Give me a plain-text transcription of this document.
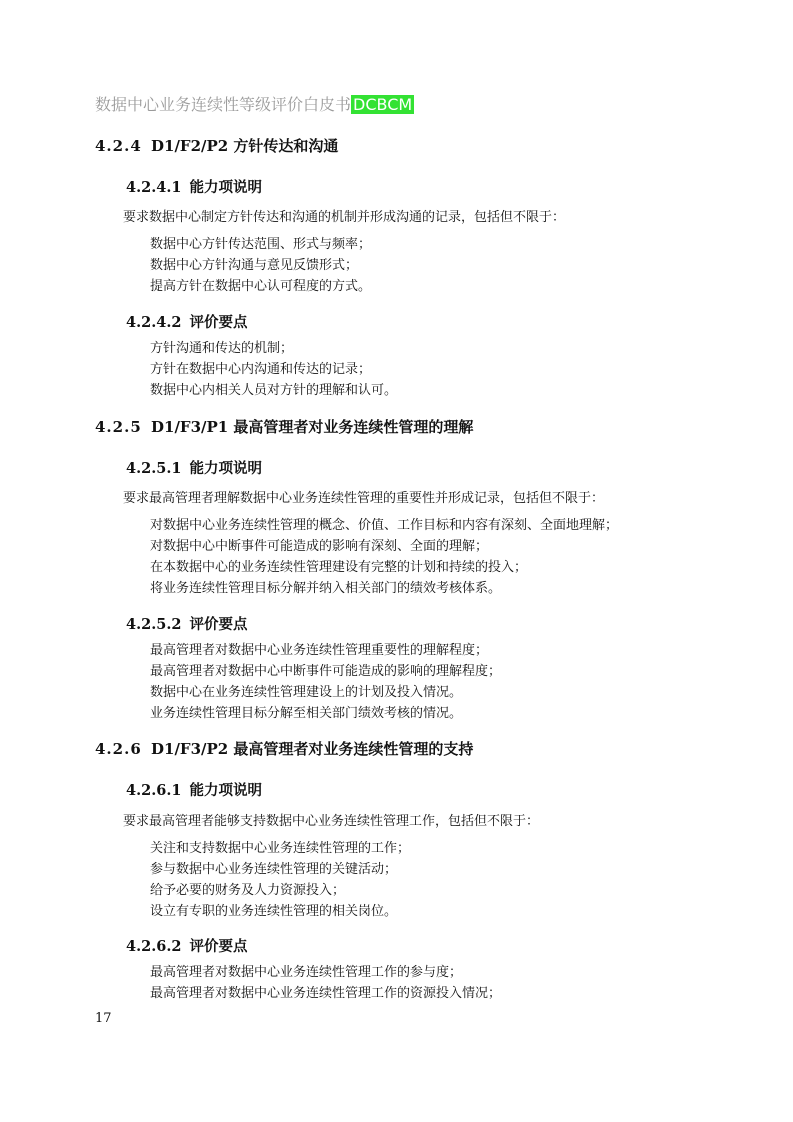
数据中心业务连续性等级评价白皮书 DCBCM
4.2.4 D1/F2/P2 方针传达和沟通
4.2.4.1 能力项说明
要求数据中心制定方针传达和沟通的机制并形成沟通的记录，包括但不限于：
数据中心方针传达范围、形式与频率；
数据中心方针沟通与意见反馈形式；
提高方针在数据中心认可程度的方式。
4.2.4.2 评价要点
方针沟通和传达的机制；
方针在数据中心内沟通和传达的记录；
数据中心内相关人员对方针的理解和认可。
4.2.5 D1/F3/P1 最高管理者对业务连续性管理的理解
4.2.5.1 能力项说明
要求最高管理者理解数据中心业务连续性管理的重要性并形成记录，包括但不限于：
对数据中心业务连续性管理的概念、价值、工作目标和内容有深刻、全面地理解；
对数据中心中断事件可能造成的影响有深刻、全面的理解；
在本数据中心的业务连续性管理建设有完整的计划和持续的投入；
将业务连续性管理目标分解并纳入相关部门的绩效考核体系。
4.2.5.2 评价要点
最高管理者对数据中心业务连续性管理重要性的理解程度；
最高管理者对数据中心中断事件可能造成的影响的理解程度；
数据中心在业务连续性管理建设上的计划及投入情况。
业务连续性管理目标分解至相关部门绩效考核的情况。
4.2.6 D1/F3/P2 最高管理者对业务连续性管理的支持
4.2.6.1 能力项说明
要求最高管理者能够支持数据中心业务连续性管理工作，包括但不限于：
关注和支持数据中心业务连续性管理的工作；
参与数据中心业务连续性管理的关键活动；
给予必要的财务及人力资源投入；
设立有专职的业务连续性管理的相关岗位。
4.2.6.2 评价要点
最高管理者对数据中心业务连续性管理工作的参与度；
最高管理者对数据中心业务连续性管理工作的资源投入情况；
17
